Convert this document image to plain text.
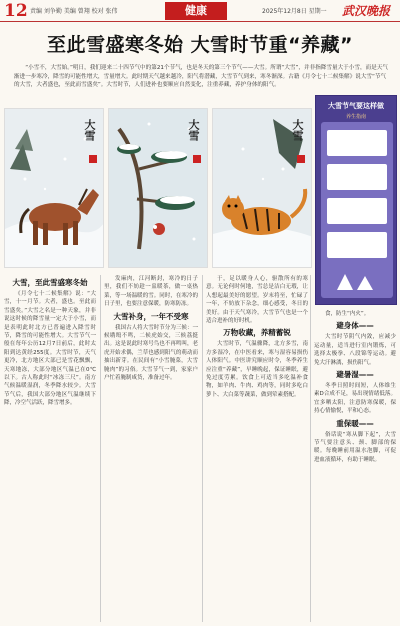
12 责编 刘争勤 美编 曾翔 校对 张伟	健康	2025年12月8日 星期一 武汉晚报
至此雪盛寒冬始 大雪时节重“养藏”

“小雪不，大雪始。”明日，我们迎来二十四节气中的第21个节气，也是冬天的第三个节气——大雪。所谓“大雪”，并非指降雪量大于小雪，而是天气渐进一步寒冷，降雪的可能性增大，雪量增大。此时期天气越来越冷，阳气将潜藏，大雪节气到来，寒冬渐深。古籍《月令七十二候集解》说大雪“节气的大雪，大者盛也，至此而雪盛矣”。大雪时节，人们进补也要顺应自然变化，注重养藏，养护身体的阳气。

大雪	大雪	大雪
大雪节气要这样做
养生指南
大雪，至此雪盛寒冬始

《月令七十二候集解》说：“大雪，十一月节。大者，盛也。至此而雪盛矣。”大雪之名是一种天象，并非说这时候的降雪量一定大于小雪，而是表明此时北方已普遍进入降雪时节，降雪的可能性增大。大雪节气一般在每年公历12月7日前后，此时太阳到达黄经255度。大雪时节，天气更冷，北方地区大部已是雪花飘飘，天寒地冻，大部分地区气温已在0℃以下。古人称此时“冰冻三尺”。南方气候温暖湿润，冬季降水较少。大雪节气后，我国大部分地区气温继续下降，冷空气活跃，降雪增多。

发麻肉，江河断封，寒冷的日子里，我们不妨趁一盅暖茶，做一桌热菜，等一场温暖的雪。同时，在寒冷的日子里，也要注意保暖，防寒防冻。

大雪补身，一年不受寒

我国古人将大雪时节分为三候：一候鹖鴠不鸣，二候虎始交，三候荔挺出。这是说此时寒号鸟也不再鸣叫，老虎开始求偶，兰草也感到阳气的萌动而抽出新芽。在民间有“小雪腌菜，大雪腌肉”的习俗。大雪节气一到，家家户户忙着腌制咸货，准备过年。

于，足以暖身人心，驱散所有的寒意。无论何时何地，雪总是洁白无瑕，让人想起最美好的愿望。岁末将至，忙碌了一年，不妨放下杂念，细心感受，冬日的美好。由于天气寒冷，大雪节气也是一个适合进补的好时机。

万物收藏，养精蓄锐

大雪时节，气温骤降，北方多雪，南方多湿冷，在中医看来，寒与湿容易损伤人体阳气。中医讲究顺应时令，冬季养生应注重“养藏”，早睡晚起，保证睡眠，避免过度劳累。饮食上可适当多吃温补食物，如羊肉、牛肉、鸡肉等，同时多吃白萝卜、大白菜等蔬菜，做到荤素搭配。

食，防生“内火”。

避身体——

大雪时节阴气内敛，应减少运动量，适当进行室内锻炼，可选择太极拳、八段锦等运动。避免大汗淋漓，损伤阳气。

避暑湿——

冬季日照时间短，人体维生素D合成不足，易出现情绪低落。宜多晒太阳，注意防寒保暖，保持心情愉悦，平和心态。

重保暖——

俗话说“寒从脚下起”，大雪节气要注意头、颈、脚部的保暖。每晚睡前用温水泡脚，可促进血液循环，有助于睡眠。
